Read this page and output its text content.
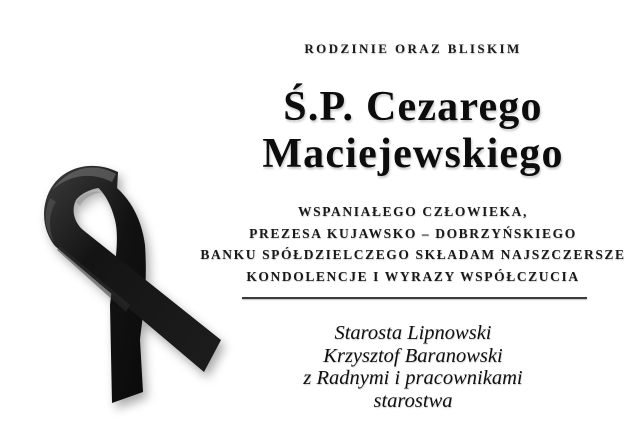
RODZINIE ORAZ BLISKIM
Ś.P. Cezarego
Maciejewskiego
WSPANIAŁEGO CZŁOWIEKA,
PREZESA KUJAWSKO – DOBRZYŃSKIEGO
BANKU SPÓŁDZIELCZEGO SKŁADAM NAJSZCZERSZE
KONDOLENCJE I WYRAZY WSPÓŁCZUCIA
Starosta Lipnowski
Krzysztof Baranowski
z Radnymi i pracownikami
starostwa
